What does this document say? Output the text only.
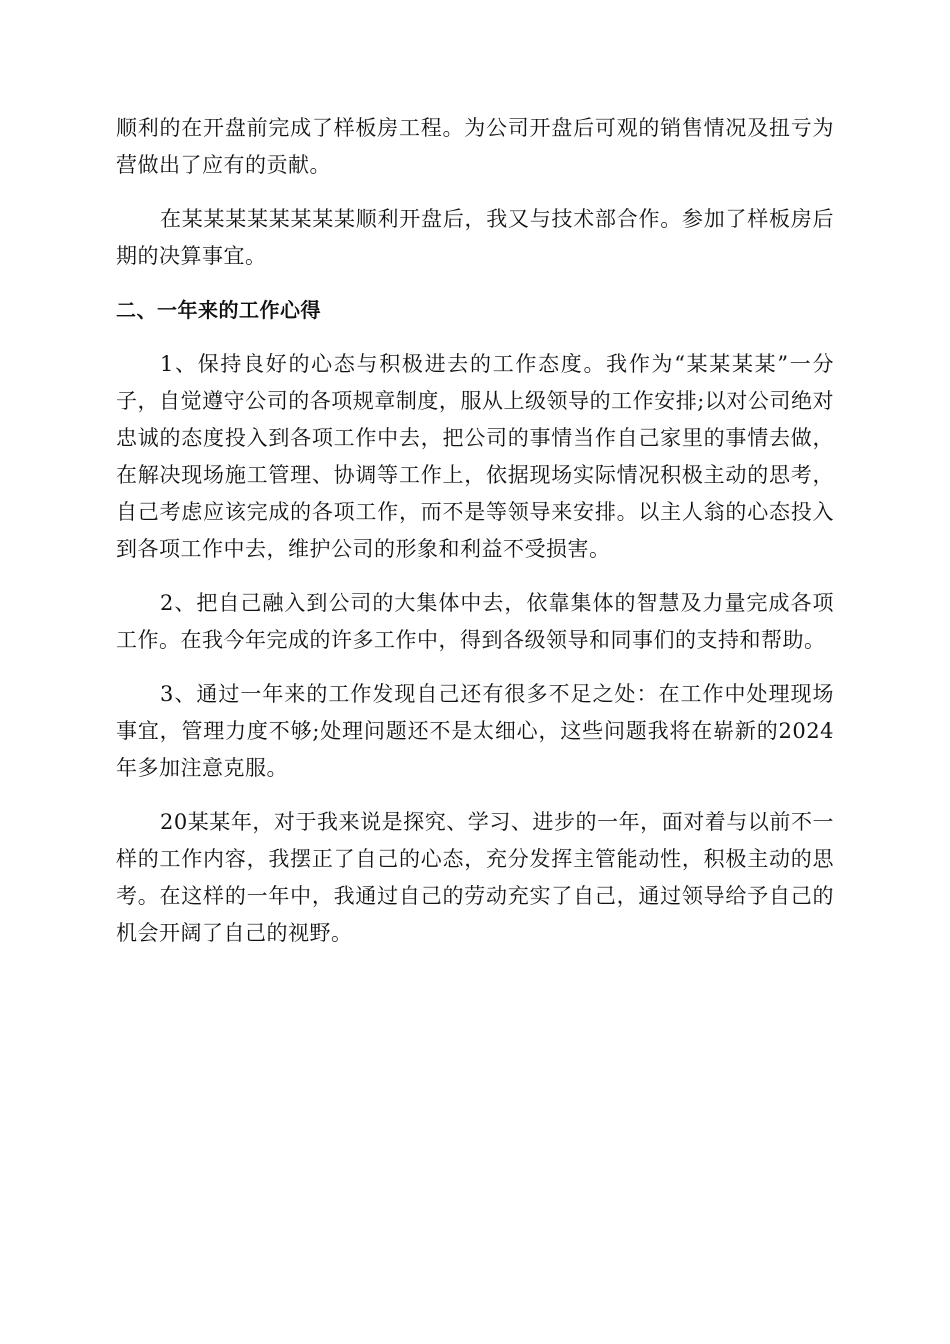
顺利的在开盘前完成了样板房工程。为公司开盘后可观的销售情况及扭亏为营做出了应有的贡献。

在某某某某某某某某顺利开盘后，我又与技术部合作。参加了样板房后期的决算事宜。

二、一年来的工作心得

1、保持良好的心态与积极进去的工作态度。我作为“某某某某”一分子，自觉遵守公司的各项规章制度，服从上级领导的工作安排;以对公司绝对忠诚的态度投入到各项工作中去，把公司的事情当作自己家里的事情去做，在解决现场施工管理、协调等工作上，依据现场实际情况积极主动的思考，自己考虑应该完成的各项工作，而不是等领导来安排。以主人翁的心态投入到各项工作中去，维护公司的形象和利益不受损害。

2、把自己融入到公司的大集体中去，依靠集体的智慧及力量完成各项工作。在我今年完成的许多工作中，得到各级领导和同事们的支持和帮助。

3、通过一年来的工作发现自己还有很多不足之处：在工作中处理现场事宜，管理力度不够;处理问题还不是太细心，这些问题我将在崭新的2024年多加注意克服。

20某某年，对于我来说是探究、学习、进步的一年，面对着与以前不一样的工作内容，我摆正了自己的心态，充分发挥主管能动性，积极主动的思考。在这样的一年中，我通过自己的劳动充实了自己，通过领导给予自己的机会开阔了自己的视野。
